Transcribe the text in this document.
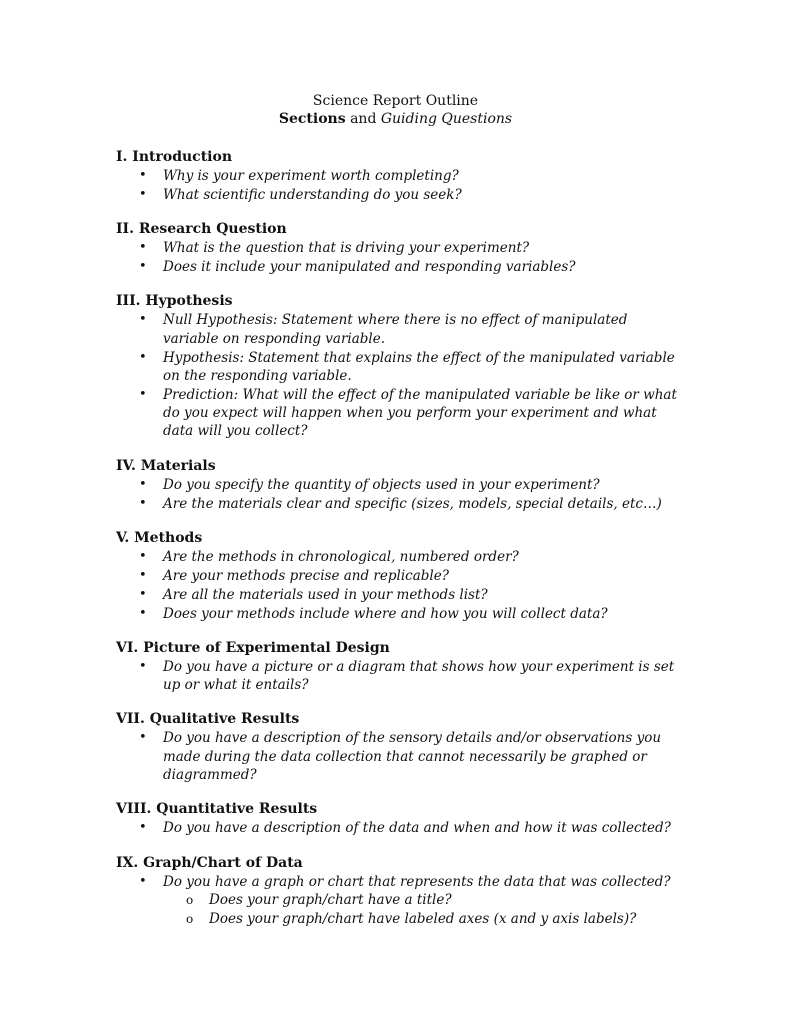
Science Report Outline
Sections and Guiding Questions
I. Introduction
• Why is your experiment worth completing?
• What scientific understanding do you seek?
II. Research Question
• What is the question that is driving your experiment?
• Does it include your manipulated and responding variables?
III. Hypothesis
• Null Hypothesis: Statement where there is no effect of manipulated variable on responding variable.
• Hypothesis: Statement that explains the effect of the manipulated variable on the responding variable.
• Prediction: What will the effect of the manipulated variable be like or what do you expect will happen when you perform your experiment and what data will you collect?
IV. Materials
• Do you specify the quantity of objects used in your experiment?
• Are the materials clear and specific (sizes, models, special details, etc…)
V. Methods
• Are the methods in chronological, numbered order?
• Are your methods precise and replicable?
• Are all the materials used in your methods list?
• Does your methods include where and how you will collect data?
VI. Picture of Experimental Design
• Do you have a picture or a diagram that shows how your experiment is set up or what it entails?
VII. Qualitative Results
• Do you have a description of the sensory details and/or observations you made during the data collection that cannot necessarily be graphed or diagrammed?
VIII. Quantitative Results
• Do you have a description of the data and when and how it was collected?
IX. Graph/Chart of Data
• Do you have a graph or chart that represents the data that was collected?
o Does your graph/chart have a title?
o Does your graph/chart have labeled axes (x and y axis labels)?
